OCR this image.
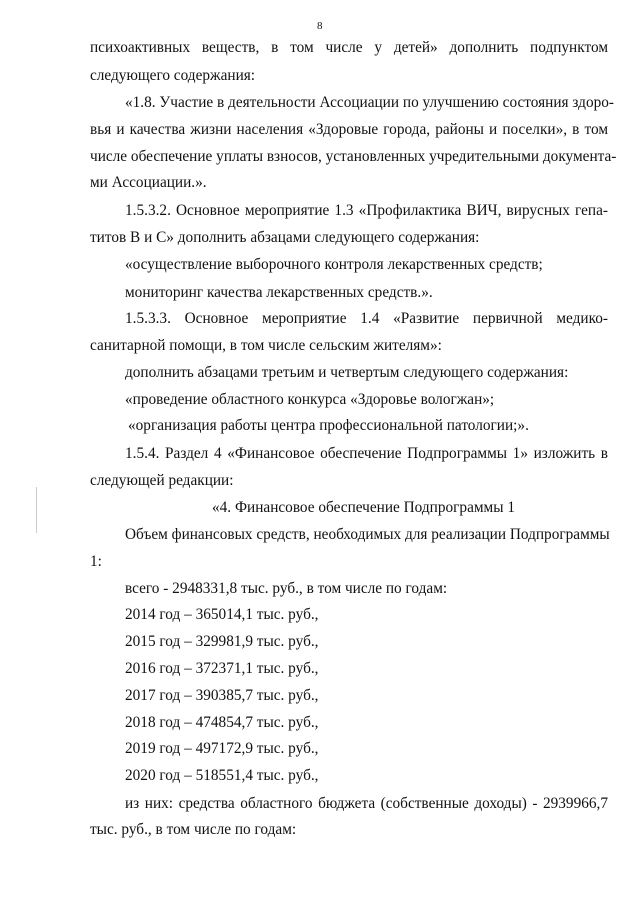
8
психоактивных веществ, в том числе у детей» дополнить подпунктом
следующего содержания:
«1.8. Участие в деятельности Ассоциации по улучшению состояния здоро-
вья и качества жизни населения «Здоровые города, районы и поселки», в том
числе обеспечение уплаты взносов, установленных учредительными документа-
ми Ассоциации.».
1.5.3.2. Основное мероприятие 1.3 «Профилактика ВИЧ, вирусных гепа-
титов В и С» дополнить абзацами следующего содержания:
«осуществление выборочного контроля лекарственных средств;
мониторинг качества лекарственных средств.».
1.5.3.3. Основное мероприятие 1.4 «Развитие первичной медико-
санитарной помощи, в том числе сельским жителям»:
дополнить абзацами третьим и четвертым следующего содержания:
«проведение областного конкурса «Здоровье вологжан»;
«организация работы центра профессиональной патологии;».
1.5.4. Раздел 4 «Финансовое обеспечение Подпрограммы 1» изложить в
следующей редакции:
«4. Финансовое обеспечение Подпрограммы 1
Объем финансовых средств, необходимых для реализации Подпрограммы
1:
всего - 2948331,8 тыс. руб., в том числе по годам:
2014 год – 365014,1 тыс. руб.,
2015 год – 329981,9 тыс. руб.,
2016 год – 372371,1 тыс. руб.,
2017 год – 390385,7 тыс. руб.,
2018 год – 474854,7 тыс. руб.,
2019 год – 497172,9 тыс. руб.,
2020 год – 518551,4 тыс. руб.,
из них: средства областного бюджета (собственные доходы) - 2939966,7
тыс. руб., в том числе по годам:
